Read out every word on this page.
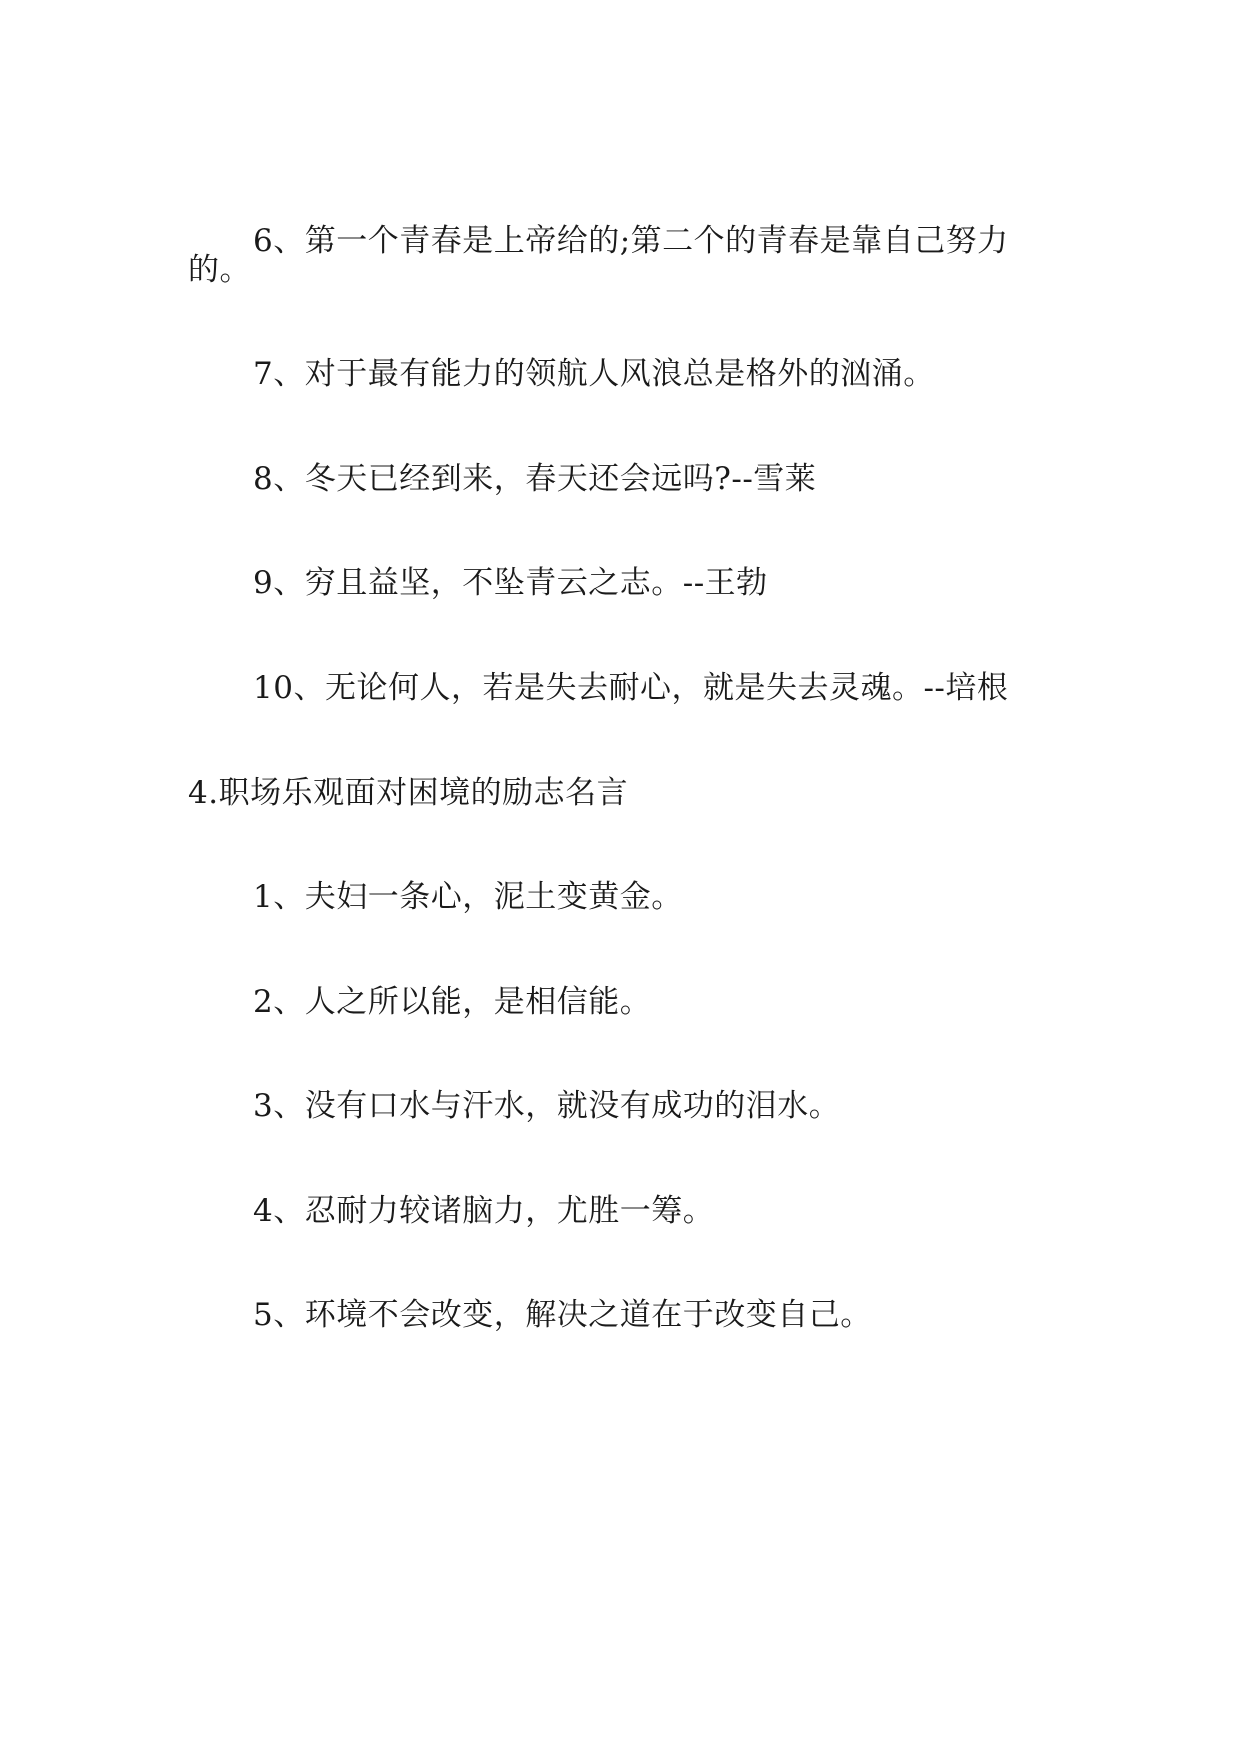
6、第一个青春是上帝给的;第二个的青春是靠自己努力
的。
7、对于最有能力的领航人风浪总是格外的汹涌。
8、冬天已经到来，春天还会远吗?--雪莱
9、穷且益坚，不坠青云之志。--王勃
10、无论何人，若是失去耐心，就是失去灵魂。--培根
4.职场乐观面对困境的励志名言
1、夫妇一条心，泥土变黄金。
2、人之所以能，是相信能。
3、没有口水与汗水，就没有成功的泪水。
4、忍耐力较诸脑力，尤胜一筹。
5、环境不会改变，解决之道在于改变自己。
